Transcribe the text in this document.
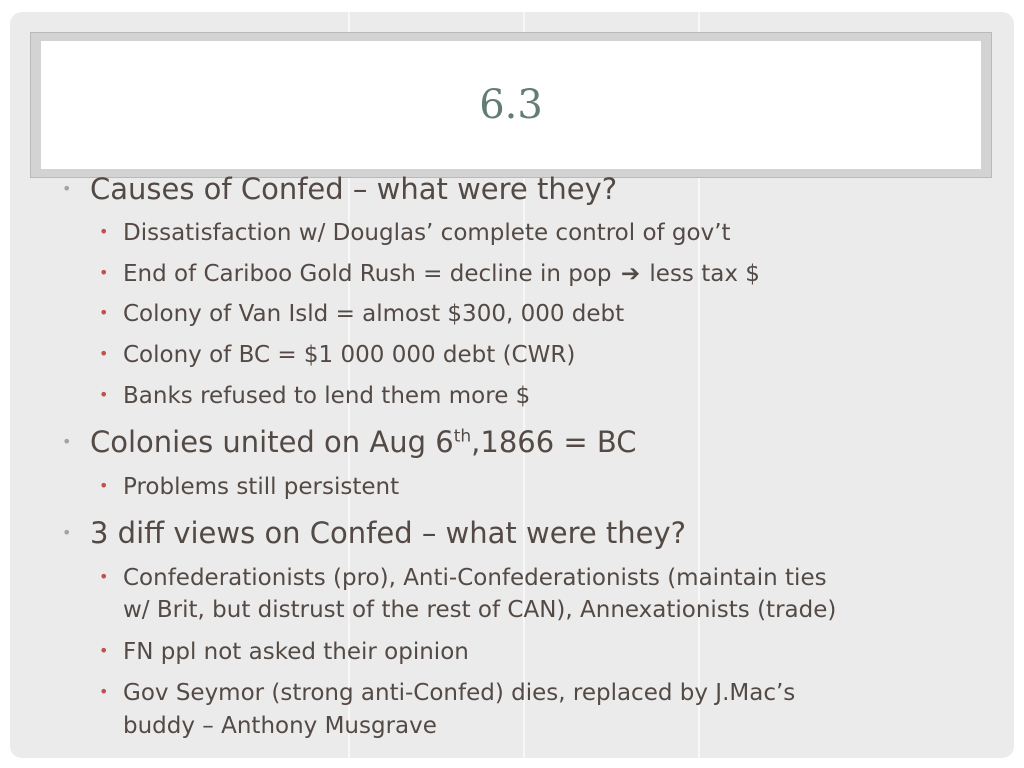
6.3
• Causes of Confed – what were they?
• Dissatisfaction w/ Douglas’ complete control of gov’t
• End of Cariboo Gold Rush = decline in pop ➔ less tax $
• Colony of Van Isld = almost $300, 000 debt
• Colony of BC = $1 000 000 debt (CWR)
• Banks refused to lend them more $
• Colonies united on Aug 6th,1866 = BC
• Problems still persistent
• 3 diff views on Confed – what were they?
• Confederationists (pro), Anti-Confederationists (maintain ties
w/ Brit, but distrust of the rest of CAN), Annexationists (trade)
• FN ppl not asked their opinion
• Gov Seymor (strong anti-Confed) dies, replaced by J.Mac’s
buddy – Anthony Musgrave
